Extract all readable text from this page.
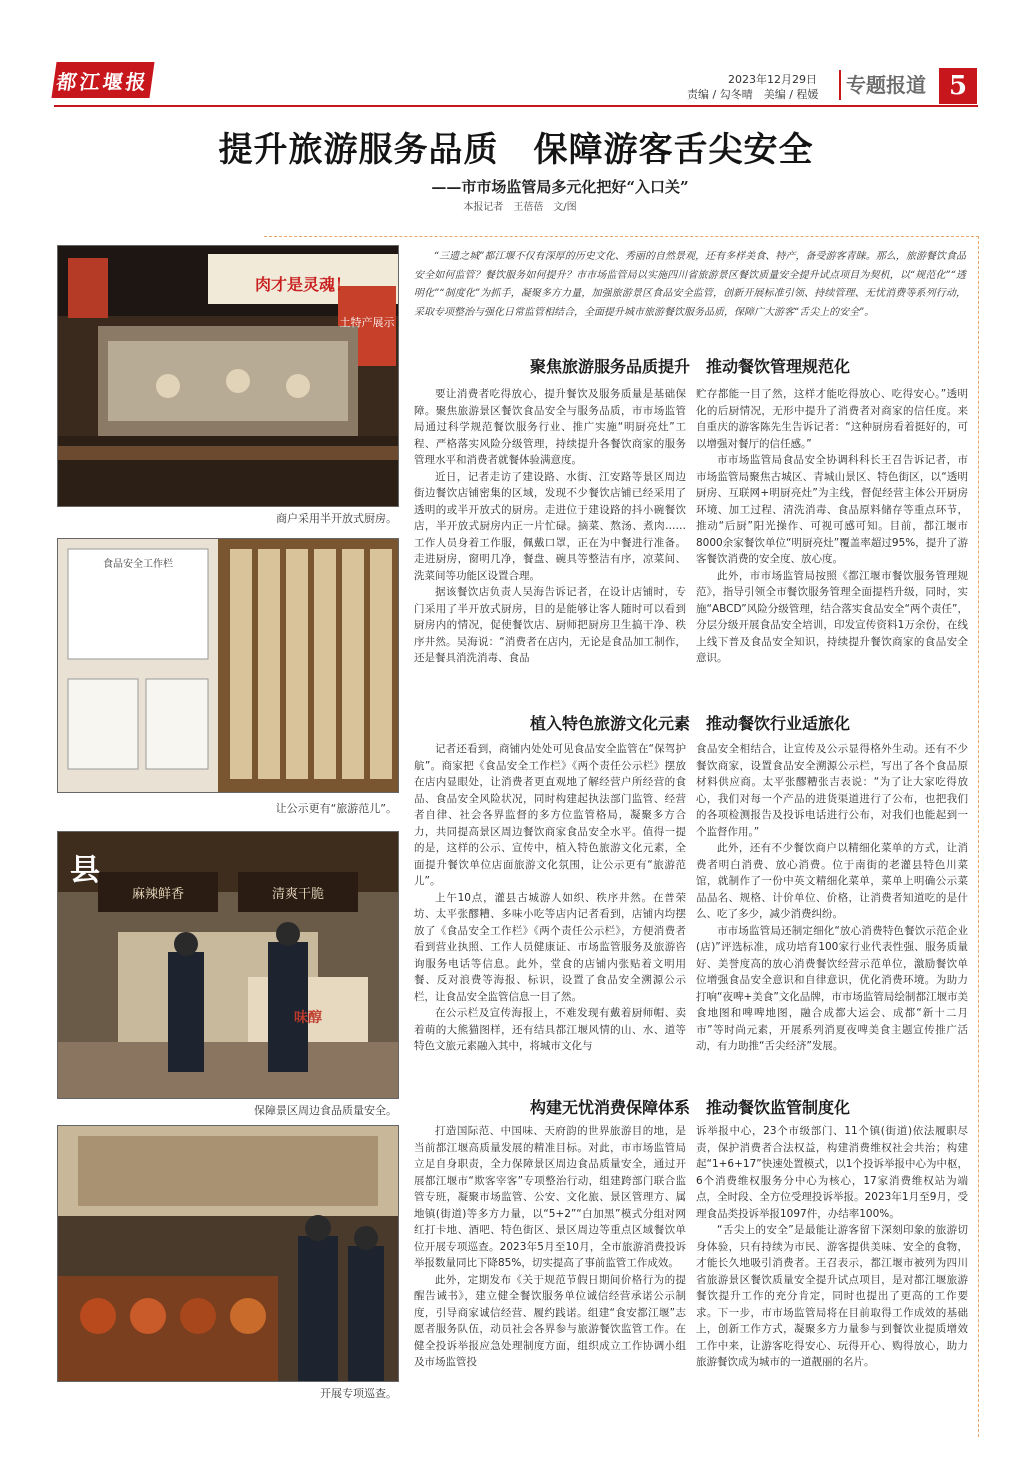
都江堰报	2023年12月29日
责编 / 勾冬晴　美编 / 程媛	专题报道 5
提升旅游服务品质　保障游客舌尖安全
——市市场监管局多元化把好“入口关”
本报记者　王蓓蓓　文/图
肉才是灵魂！
土特产展示
商户采用半开放式厨房。
食品安全工作栏
让公示更有“旅游范儿”。
县
清爽干脆
麻辣鲜香
味醇
保障景区周边食品质量安全。
开展专项巡查。
“三遗之城”都江堰不仅有深厚的历史文化、秀丽的自然景观，还有多样美食、特产，备受游客青睐。那么，旅游餐饮食品安全如何监管？餐饮服务如何提升？市市场监管局以实施四川省旅游景区餐饮质量安全提升试点项目为契机，以“规范化”“透明化”“制度化”为抓手，凝聚多方力量，加强旅游景区食品安全监管，创新开展标准引领、持续管理、无忧消费等系列行动，采取专项整治与强化日常监管相结合，全面提升城市旅游餐饮服务品质，保障广大游客“舌尖上的安全”。
聚焦旅游服务品质提升　推动餐饮管理规范化

要让消费者吃得放心，提升餐饮及服务质量是基础保障。聚焦旅游景区餐饮食品安全与服务品质，市市场监管局通过科学规范餐饮服务行业、推广实施“明厨亮灶”工程、严格落实风险分级管理，持续提升各餐饮商家的服务管理水平和消费者就餐体验满意度。

近日，记者走访了建设路、水街、江安路等景区周边街边餐饮店铺密集的区域，发现不少餐饮店铺已经采用了透明的或半开放式的厨房。走进位于建设路的抖小碗餐饮店，半开放式厨房内正一片忙碌。摘菜、熬汤、煮肉……工作人员身着工作服，佩戴口罩，正在为中餐进行准备。走进厨房，窗明几净，餐盘、碗具等整洁有序，凉菜间、洗菜间等功能区设置合理。

据该餐饮店负责人吴海告诉记者，在设计店铺时，专门采用了半开放式厨房，目的是能够让客人随时可以看到厨房内的情况，促使餐饮店、厨师把厨房卫生搞干净、秩序井然。吴海说：“消费者在店内，无论是食品加工制作，还是餐具消洗消毒、食品

贮存都能一目了然，这样才能吃得放心、吃得安心。”透明化的后厨情况，无形中提升了消费者对商家的信任度。来自重庆的游客陈先生告诉记者：“这种厨房看着挺好的，可以增强对餐厅的信任感。”

市市场监管局食品安全协调科科长王召告诉记者，市市场监管局聚焦古城区、青城山景区、特色街区，以“透明厨房、互联网+明厨亮灶”为主线，督促经营主体公开厨房环境、加工过程、清洗消毒、食品原料储存等重点环节，推动“后厨”阳光操作、可视可感可知。目前，都江堰市8000余家餐饮单位“明厨亮灶”覆盖率超过95%，提升了游客餐饮消费的安全度、放心度。

此外，市市场监管局按照《都江堰市餐饮服务管理规范》，指导引领全市餐饮服务管理全面提档升级，同时，实施“ABCD”风险分级管理，结合落实食品安全“两个责任”，分层分级开展食品安全培训，印发宣传资料1万余份，在线上线下普及食品安全知识，持续提升餐饮商家的食品安全意识。

植入特色旅游文化元素　推动餐饮行业适旅化

记者还看到，商铺内处处可见食品安全监管在“保驾护航”。商家把《食品安全工作栏》《两个责任公示栏》摆放在店内显眼处，让消费者更直观地了解经营户所经营的食品、食品安全风险状况，同时构建起执法部门监管、经营者自律、社会各界监督的多方位监管格局，凝聚多方合力，共同提高景区周边餐饮商家食品安全水平。值得一提的是，这样的公示、宣传中，植入特色旅游文化元素，全面提升餐饮单位店面旅游文化氛围，让公示更有“旅游范儿”。

上午10点，灌县古城游人如织、秩序井然。在普荣坊、太平张醪糟、多味小吃等店内记者看到，店铺内均摆放了《食品安全工作栏》《两个责任公示栏》，方便消费者看到营业执照、工作人员健康证、市场监管服务及旅游咨询服务电话等信息。此外，堂食的店铺内张贴着文明用餐、反对浪费等海报、标识，设置了食品安全溯源公示栏，让食品安全监管信息一目了然。

在公示栏及宣传海报上，不难发现有戴着厨师帽、卖着萌的大熊猫图样，还有结具都江堰风情的山、水、道等特色文旅元素融入其中，将城市文化与

食品安全相结合，让宣传及公示显得格外生动。还有不少餐饮商家，设置食品安全溯源公示栏，写出了各个食品原材料供应商。太平张醪糟张吉表说：“为了让大家吃得放心，我们对每一个产品的进货渠道进行了公布，也把我们的各项检测报告及投诉电话进行公布，对我们也能起到一个监督作用。”

此外，还有不少餐饮商户以精细化菜单的方式，让消费者明白消费、放心消费。位于南街的老灌县特色川菜馆，就制作了一份中英文精细化菜单，菜单上明确公示菜品品名、规格、计价单位、价格，让消费者知道吃的是什么、吃了多少，减少消费纠纷。

市市场监管局还制定细化“放心消费特色餐饮示范企业(店)”评选标准，成功培育100家行业代表性强、服务质量好、美誉度高的放心消费餐饮经营示范单位，激励餐饮单位增强食品安全意识和自律意识，优化消费环境。为助力打响“夜啤+美食”文化品牌，市市场监管局绘制都江堰市美食地图和啤啤地图，融合成都大运会、成都“新十二月市”等时尚元素，开展系列消夏夜啤美食主题宣传推广活动，有力助推“舌尖经济”发展。

构建无忧消费保障体系　推动餐饮监管制度化

打造国际范、中国味、天府韵的世界旅游目的地，是当前都江堰高质量发展的精准目标。对此，市市场监管局立足自身职责，全力保障景区周边食品质量安全，通过开展都江堰市“欺客宰客”专项整治行动，组建跨部门联合监管专班，凝聚市场监管、公安、文化旅、景区管理方、属地镇(街道)等多方力量，以“5+2”“白加黑”模式分组对网红打卡地、酒吧、特色街区、景区周边等重点区域餐饮单位开展专项巡查。2023年5月至10月，全市旅游消费投诉举报数量同比下降85%，切实提高了事前监管工作成效。

此外，定期发布《关于规范节假日期间价格行为的提醒告诫书》，建立健全餐饮服务单位诚信经营承诺公示制度，引导商家诚信经营、履约践诺。组建“食安都江堰”志愿者服务队伍，动员社会各界参与旅游餐饮监管工作。在健全投诉举报应急处理制度方面，组织成立工作协调小组及市场监管投

诉举报中心，23个市级部门、11个镇(街道)依法履职尽责，保护消费者合法权益，构建消费维权社会共治；构建起“1+6+17”快速处置模式，以1个投诉举报中心为中枢，6个消费维权服务分中心为核心，17家消费维权站为端点，全时段、全方位受理投诉举报。2023年1月至9月，受理食品类投诉举报1097件，办结率100%。

“舌尖上的安全”是最能让游客留下深刻印象的旅游切身体验，只有持续为市民、游客提供美味、安全的食物，才能长久地吸引消费者。王召表示，都江堰市被列为四川省旅游景区餐饮质量安全提升试点项目，是对都江堰旅游餐饮提升工作的充分肯定，同时也提出了更高的工作要求。下一步，市市场监管局将在目前取得工作成效的基础上，创新工作方式，凝聚多方力量参与到餐饮业提质增效工作中来，让游客吃得安心、玩得开心、购得放心，助力旅游餐饮成为城市的一道靓丽的名片。
